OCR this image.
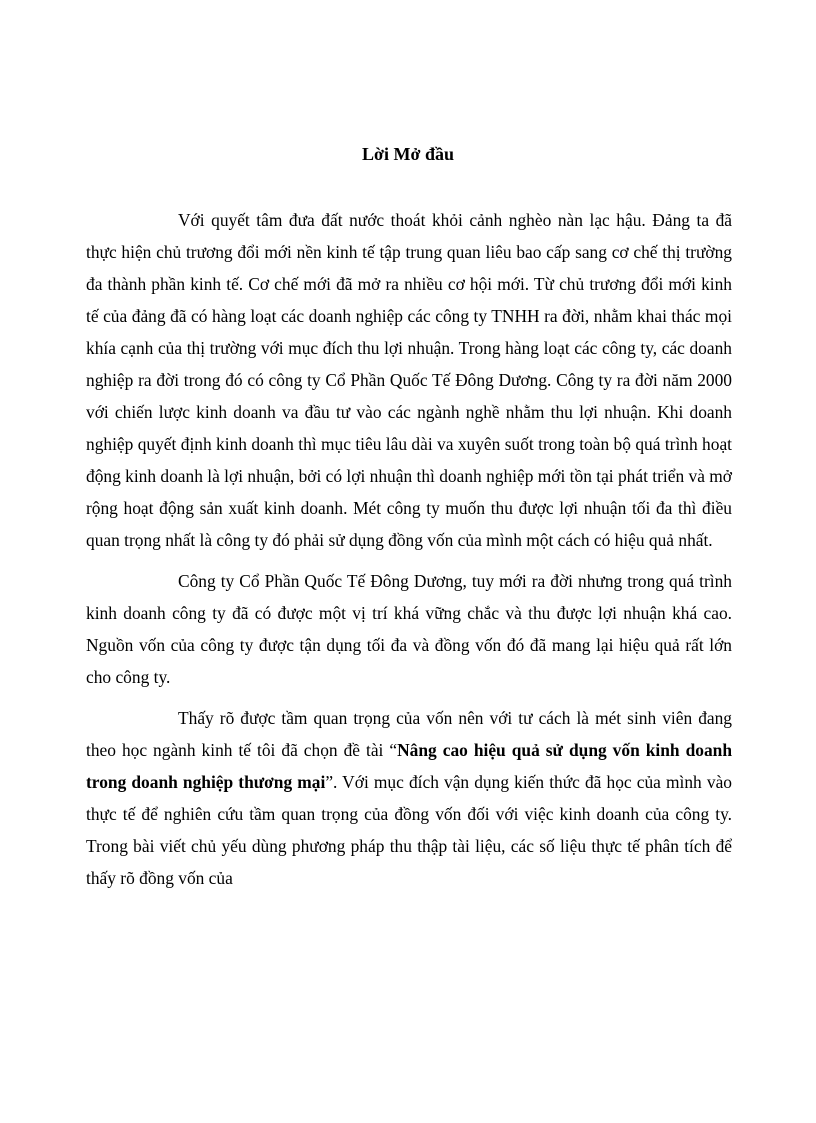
Lời Mở đầu

Với quyết tâm đưa đất nước thoát khỏi cảnh nghèo nàn lạc hậu. Đảng ta đã thực hiện chủ trương đổi mới nền kinh tế tập trung quan liêu bao cấp sang cơ chế thị trường đa thành phần kinh tế. Cơ chế mới đã mở ra nhiều cơ hội mới. Từ chủ trương đổi mới kinh tế của đảng đã có hàng loạt các doanh nghiệp các công ty TNHH ra đời, nhằm khai thác mọi khía cạnh của thị trường với mục đích thu lợi nhuận. Trong hàng loạt các công ty, các doanh nghiệp ra đời trong đó có công ty Cổ Phần Quốc Tế Đông Dương. Công ty ra đời năm 2000 với chiến lược kinh doanh va đầu tư vào các ngành nghề nhằm thu lợi nhuận. Khi doanh nghiệp quyết định kinh doanh thì mục tiêu lâu dài va xuyên suốt trong toàn bộ quá trình hoạt động kinh doanh là lợi nhuận, bởi có lợi nhuận thì doanh nghiệp mới tồn tại phát triển và mở rộng hoạt động sản xuất kinh doanh. Mét công ty muốn thu được lợi nhuận tối đa thì điều quan trọng nhất là công ty đó phải sử dụng đồng vốn của mình một cách có hiệu quả nhất.

Công ty Cổ Phần Quốc Tế Đông Dương, tuy mới ra đời nhưng trong quá trình kinh doanh công ty đã có được một vị trí khá vững chắc và thu được lợi nhuận khá cao. Nguồn vốn của công ty được tận dụng tối đa và đồng vốn đó đã mang lại hiệu quả rất lớn cho công ty.

Thấy rõ được tầm quan trọng của vốn nên với tư cách là mét sinh viên đang theo học ngành kinh tế tôi đã chọn đề tài “Nâng cao hiệu quả sử dụng vốn kinh doanh trong doanh nghiệp thương mại”. Với mục đích vận dụng kiến thức đã học của mình vào thực tế để nghiên cứu tầm quan trọng của đồng vốn đối với việc kinh doanh của công ty. Trong bài viết chủ yếu dùng phương pháp thu thập tài liệu, các số liệu thực tế phân tích để thấy rõ đồng vốn của
